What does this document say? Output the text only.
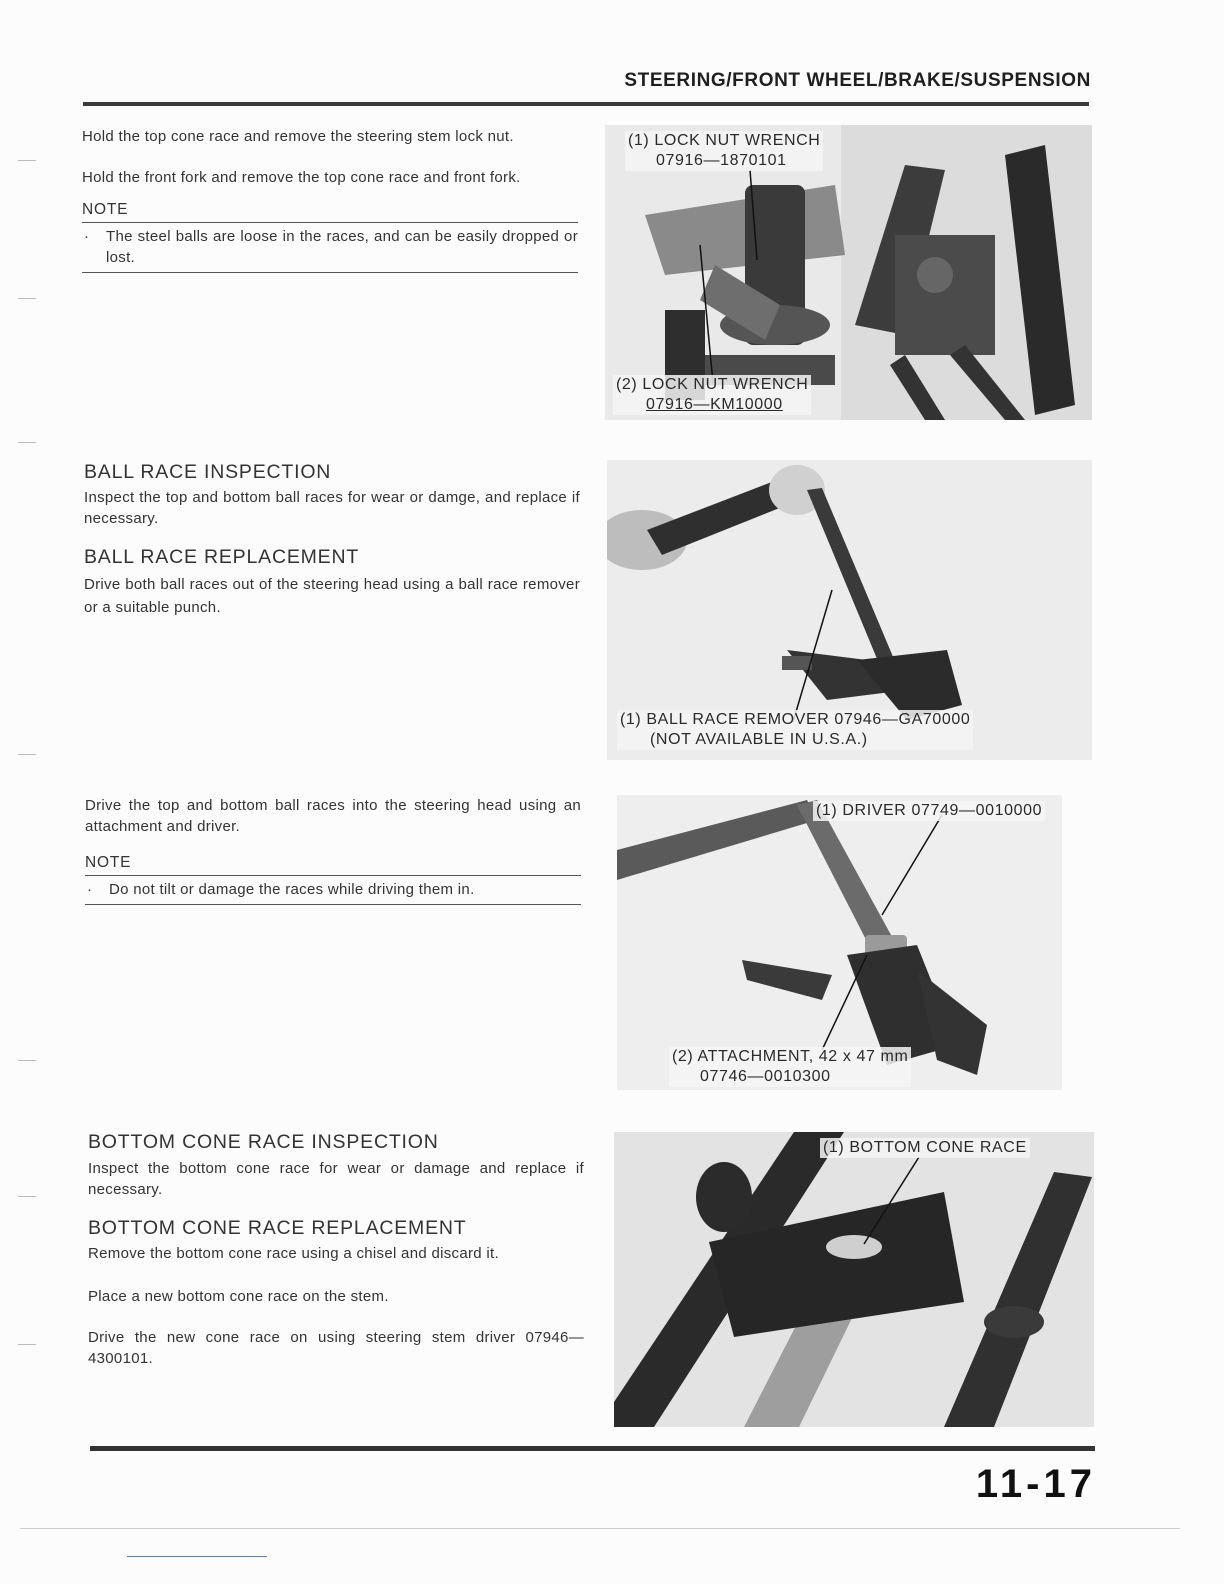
STEERING/FRONT WHEEL/BRAKE/SUSPENSION

Hold the top cone race and remove the steering stem lock nut.

Hold the front fork and remove the top cone race and front fork.

NOTE
·	The steel balls are loose in the races, and can be easily dropped or lost.
(1) LOCK NUT WRENCH
07916—1870101
(2) LOCK NUT WRENCH
07916—KM10000
BALL RACE INSPECTION

Inspect the top and bottom ball races for wear or damge, and replace if necessary.

BALL RACE REPLACEMENT

Drive both ball races out of the steering head using a ball race remover or a suitable punch.

(1) BALL RACE REMOVER 07946—GA70000
(NOT AVAILABLE IN U.S.A.)

Drive the top and bottom ball races into the steering head using an attachment and driver.

NOTE
·	Do not tilt or damage the races while driving them in.
(1) DRIVER 07749—0010000
(2) ATTACHMENT, 42 x 47 mm
07746—0010300
BOTTOM CONE RACE INSPECTION

Inspect the bottom cone race for wear or damage and replace if necessary.

BOTTOM CONE RACE REPLACEMENT

Remove the bottom cone race using a chisel and discard it.

Place a new bottom cone race on the stem.

Drive the new cone race on using steering stem driver 07946—4300101.

(1) BOTTOM CONE RACE
11-17
